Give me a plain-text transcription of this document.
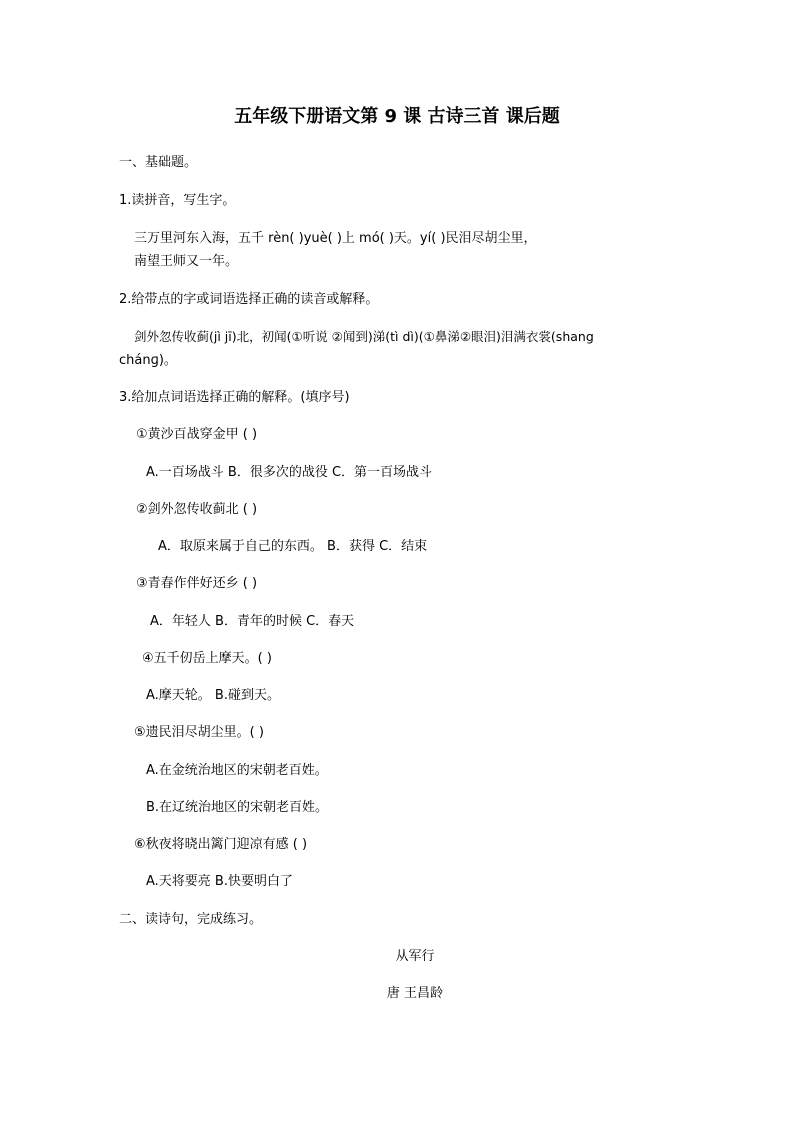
五年级下册语文第 9 课 古诗三首 课后题
一、基础题。
1.读拼音，写生字。
三万里河东入海，五千 rèn( )yuè( )上 mó( )天。yí( )民泪尽胡尘里，
南望王师又一年。
2.给带点的字或词语选择正确的读音或解释。
剑外忽传收蓟(jì jī)北，初闻(①听说 ②闻到)涕(tì dì)(①鼻涕②眼泪)泪满衣裳(shang
chánɡ)。
3.给加点词语选择正确的解释。(填序号)
①黄沙百战穿金甲 ( )
A.一百场战斗 B．很多次的战役 C．第一百场战斗
②剑外忽传收蓟北 ( )
A．取原来属于自己的东西。 B．获得 C．结束
③青春作伴好还乡 ( )
A．年轻人 B．青年的时候 C．春天
④五千仞岳上摩天。( )
A.摩天轮。 B.碰到天。
⑤遗民泪尽胡尘里。( )
A.在金统治地区的宋朝老百姓。
B.在辽统治地区的宋朝老百姓。
⑥秋夜将晓出篱门迎凉有感 ( )
A.天将要亮 B.快要明白了
二、读诗句，完成练习。
从军行
唐 王昌龄
